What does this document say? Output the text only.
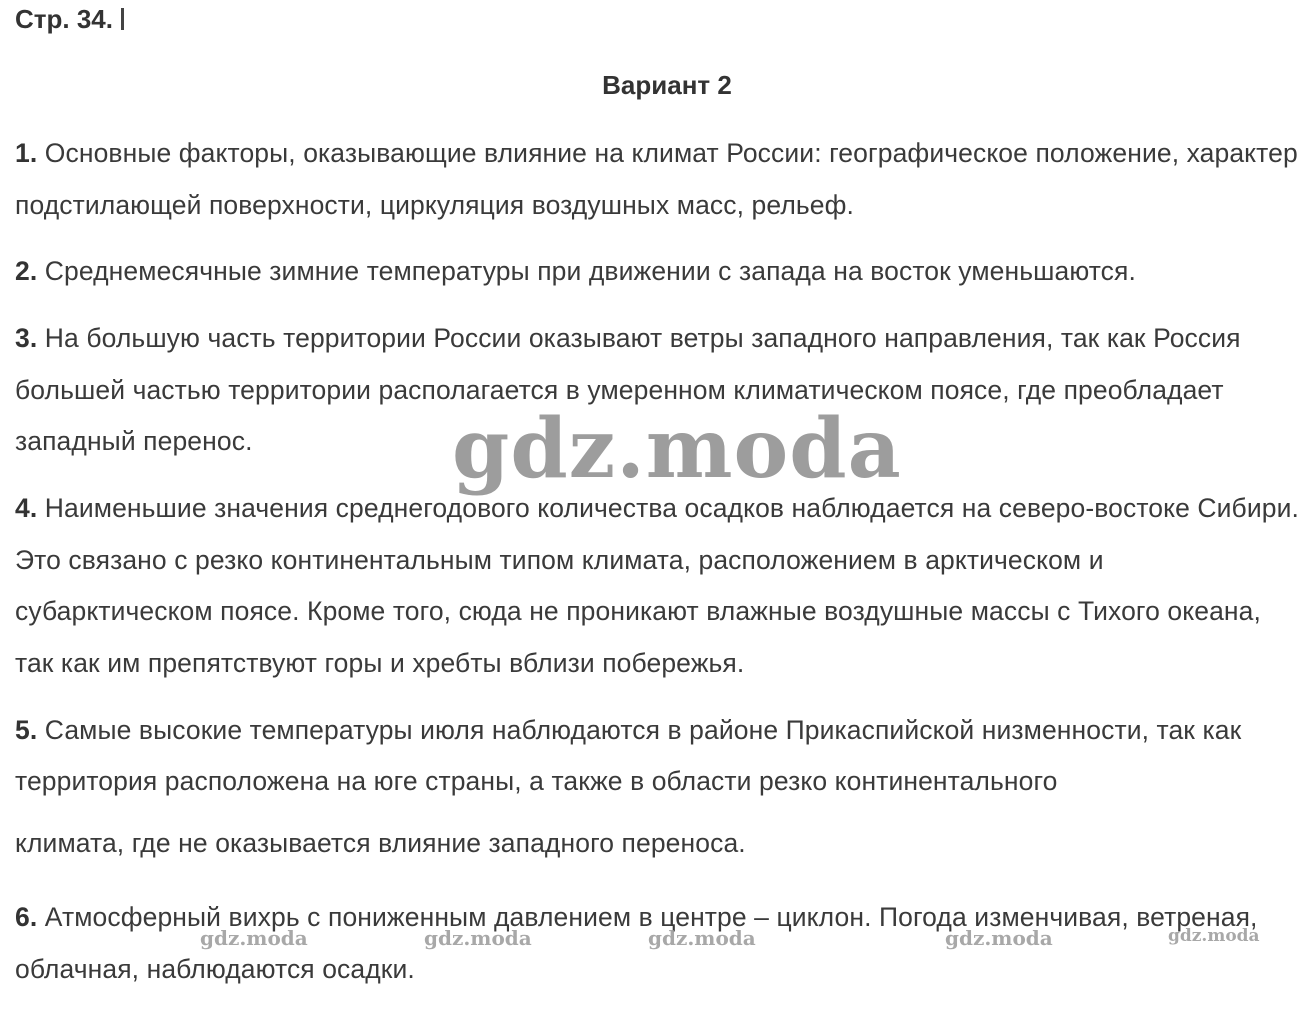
Стр. 34.
Вариант 2

1. Основные факторы, оказывающие влияние на климат России: географическое положение, характер подстилающей поверхности, циркуляция воздушных масс, рельеф.

2. Среднемесячные зимние температуры при движении с запада на восток уменьшаются.

3. На большую часть территории России оказывают ветры западного направления, так как Россия большей частью территории располагается в умеренном климатическом поясе, где преобладает западный перенос.

4. Наименьшие значения среднегодового количества осадков наблюдается на северо-востоке Сибири. Это связано с резко континентальным типом климата, расположением в арктическом и субарктическом поясе. Кроме того, сюда не проникают влажные воздушные массы с Тихого океана, так как им препятствуют горы и хребты вблизи побережья.

5. Самые высокие температуры июля наблюдаются в районе Прикаспийской низменности, так как территория расположена на юге страны, а также в области резко континентального
климата, где не оказывается влияние западного переноса.

6. Атмосферный вихрь с пониженным давлением в центре – циклон. Погода изменчивая, ветреная, облачная, наблюдаются осадки.

gdz.moda
gdz.moda	gdz.moda	gdz.moda	gdz.moda	gdz.moda
